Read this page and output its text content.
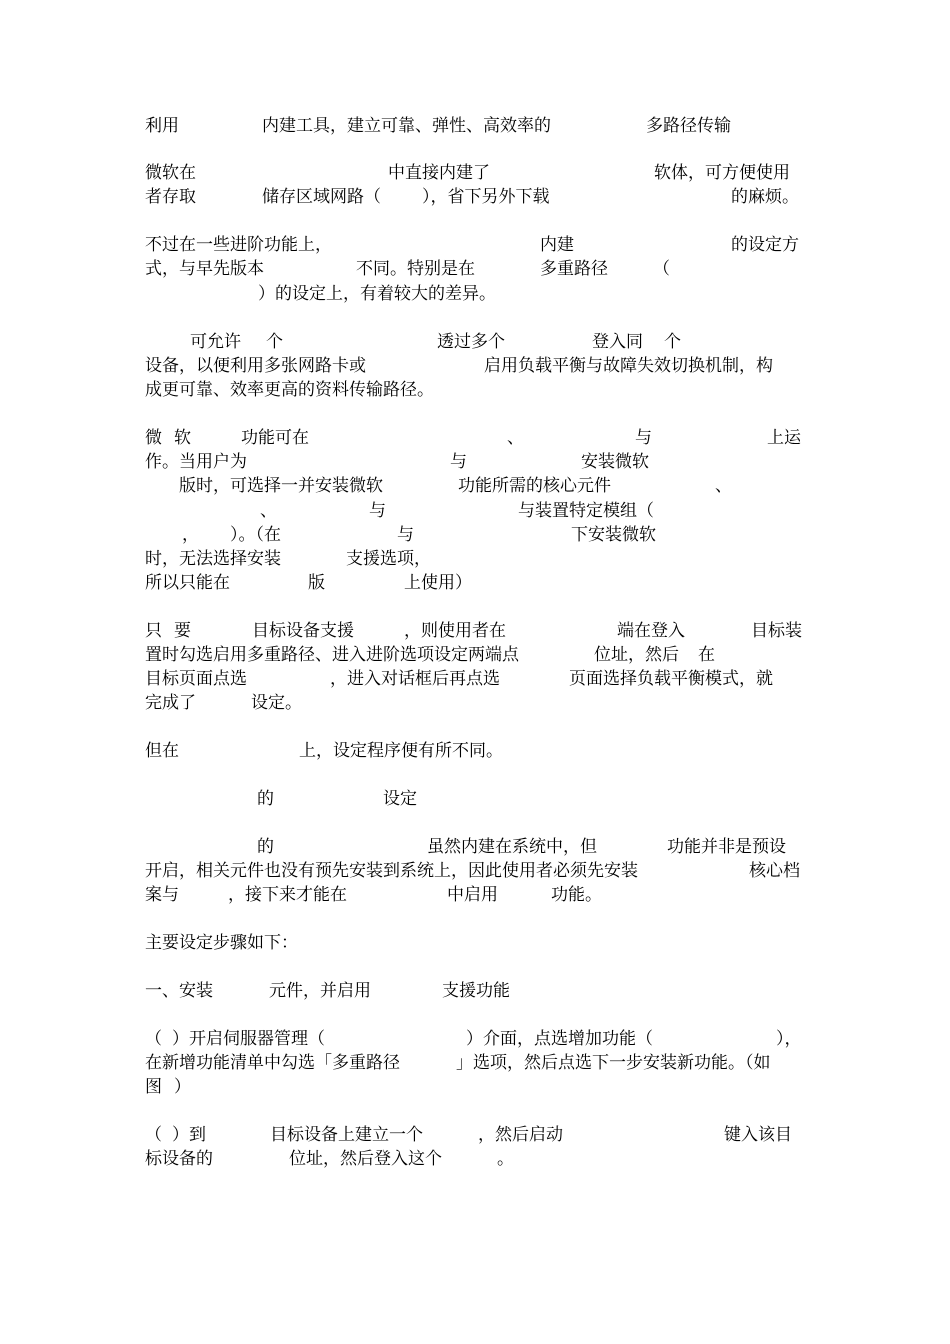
利用	内建工具，建立可靠、弹性、高效率的	多路径传输
微软在	中直接内建了	软体，可方便使用
者存取	储存区域网路（ ），省下另外下载	的麻烦。
不过在一些进阶功能上，	内建	的设定方
式，与早先版本	不同。特别是在	多重路径	（
）的设定上，有着较大的差异。
可允许 个	透过多个	登入同 个
设备，以便利用多张网路卡或	启用负载平衡与故障失效切换机制，构
成更可靠、效率更高的资料传输路径。
微 软	功能可在	、	与	上运
作。当用户为	与	安装微软
版时，可选择一并安装微软	功能所需的核心元件	、
、	与	与装置特定模组（
， ）。（在	与	下安装微软
时，无法选择安装	支援选项，
所以只能在	版	上使用）
只 要	目标设备支援	，则使用者在	端在登入	目标装
置时勾选启用多重路径、进入进阶选项设定两端点	位址，然后 在
目标页面点选	，进入对话框后再点选	页面选择负载平衡模式，就
完成了	设定。
但在	上，设定程序便有所不同。
的	设定
的	虽然内建在系统中，但	功能并非是预设
开启，相关元件也没有预先安装到系统上，因此使用者必须先安装	核心档
案与	，接下来才能在	中启用	功能。
主要设定步骤如下：
一、安装	元件，并启用	支援功能
（ ）开启伺服器管理（	）介面，点选增加功能（	），
在新增功能清单中勾选「多重路径	」选项，然后点选下一步安装新功能。（如
图 ）
（ ）到	目标设备上建立一个	，然后启动	键入该目
标设备的	位址，然后登入这个	。
